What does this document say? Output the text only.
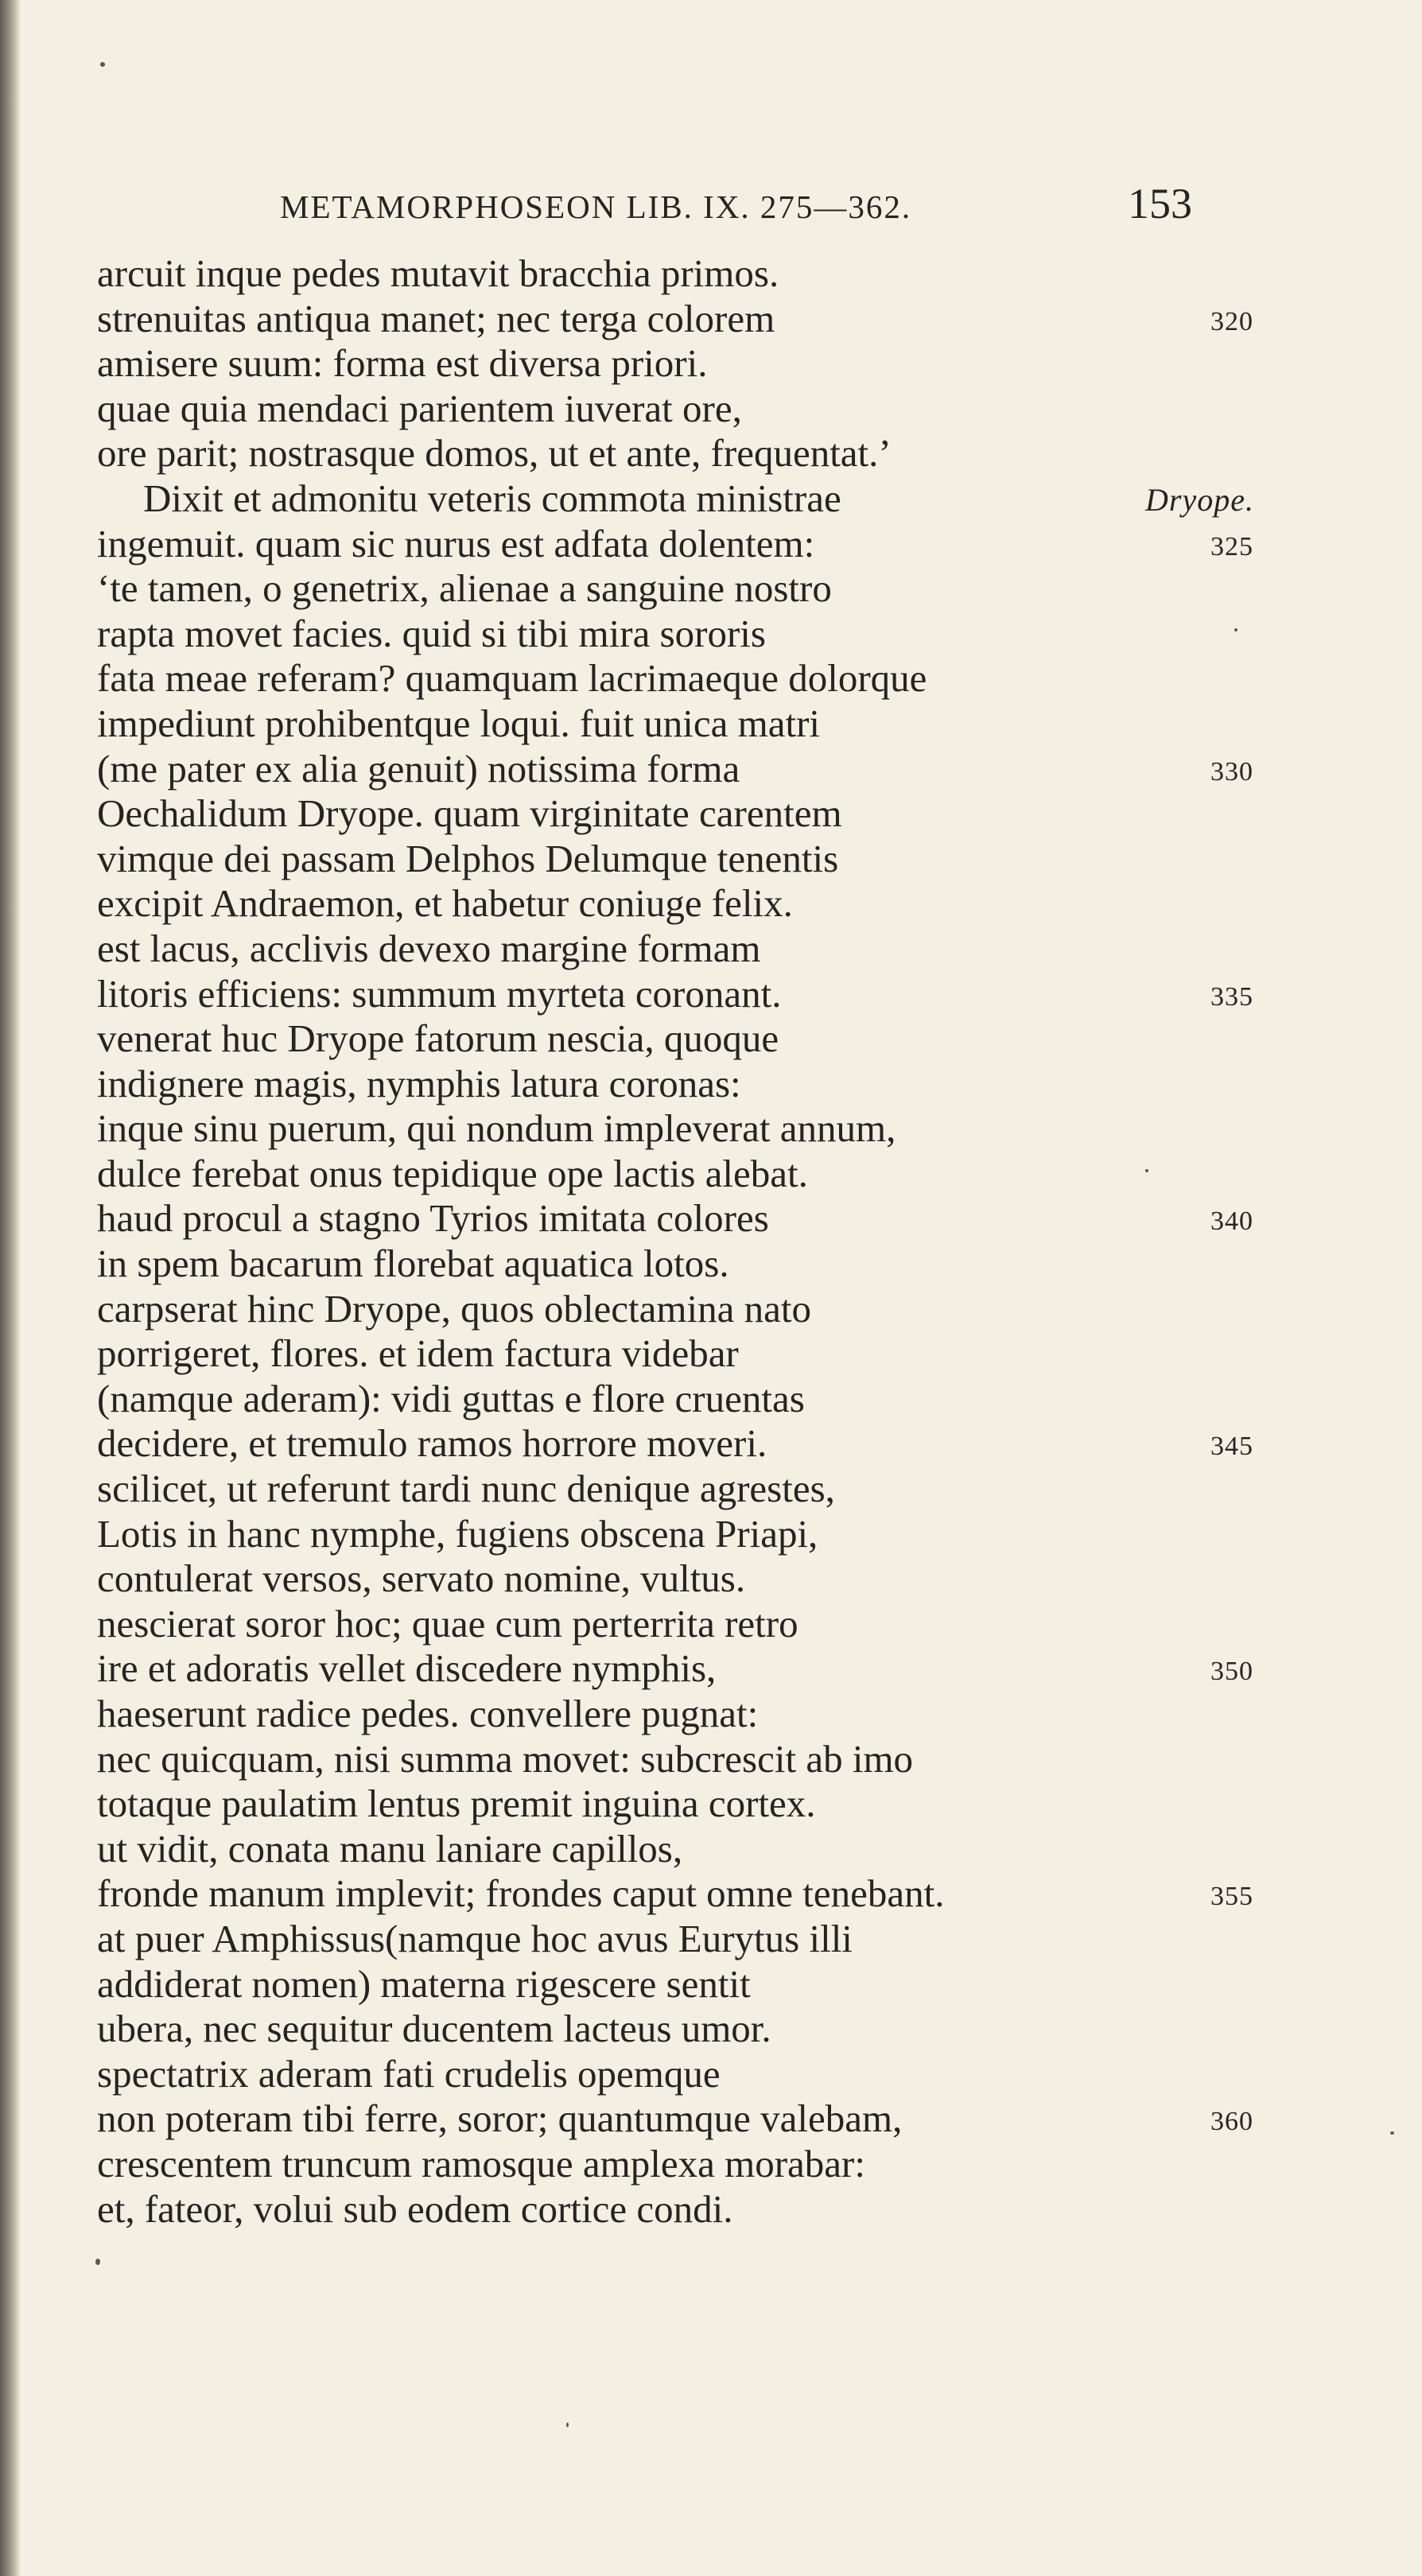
METAMORPHOSEON LIB. IX. 275—362.	153
arcuit inque pedes mutavit bracchia primos.
strenuitas antiqua manet; nec terga colorem	320
amisere suum: forma est diversa priori.
quae quia mendaci parientem iuverat ore,
ore parit; nostrasque domos, ut et ante, frequentat.’
Dixit et admonitu veteris commota ministrae	Dryope.
ingemuit. quam sic nurus est adfata dolentem:	325
‘te tamen, o genetrix, alienae a sanguine nostro
rapta movet facies. quid si tibi mira sororis
fata meae referam? quamquam lacrimaeque dolorque
impediunt prohibentque loqui. fuit unica matri
(me pater ex alia genuit) notissima forma	330
Oechalidum Dryope. quam virginitate carentem
vimque dei passam Delphos Delumque tenentis
excipit Andraemon, et habetur coniuge felix.
est lacus, acclivis devexo margine formam
litoris efficiens: summum myrteta coronant.	335
venerat huc Dryope fatorum nescia, quoque
indignere magis, nymphis latura coronas:
inque sinu puerum, qui nondum impleverat annum,
dulce ferebat onus tepidique ope lactis alebat.
haud procul a stagno Tyrios imitata colores	340
in spem bacarum florebat aquatica lotos.
carpserat hinc Dryope, quos oblectamina nato
porrigeret, flores. et idem factura videbar
(namque aderam): vidi guttas e flore cruentas
decidere, et tremulo ramos horrore moveri.	345
scilicet, ut referunt tardi nunc denique agrestes,
Lotis in hanc nymphe, fugiens obscena Priapi,
contulerat versos, servato nomine, vultus.
nescierat soror hoc; quae cum perterrita retro
ire et adoratis vellet discedere nymphis,	350
haeserunt radice pedes. convellere pugnat:
nec quicquam, nisi summa movet: subcrescit ab imo
totaque paulatim lentus premit inguina cortex.
ut vidit, conata manu laniare capillos,
fronde manum implevit; frondes caput omne tenebant.	355
at puer Amphissus(namque hoc avus Eurytus illi
addiderat nomen) materna rigescere sentit
ubera, nec sequitur ducentem lacteus umor.
spectatrix aderam fati crudelis opemque
non poteram tibi ferre, soror; quantumque valebam,	360
crescentem truncum ramosque amplexa morabar:
et, fateor, volui sub eodem cortice condi.
